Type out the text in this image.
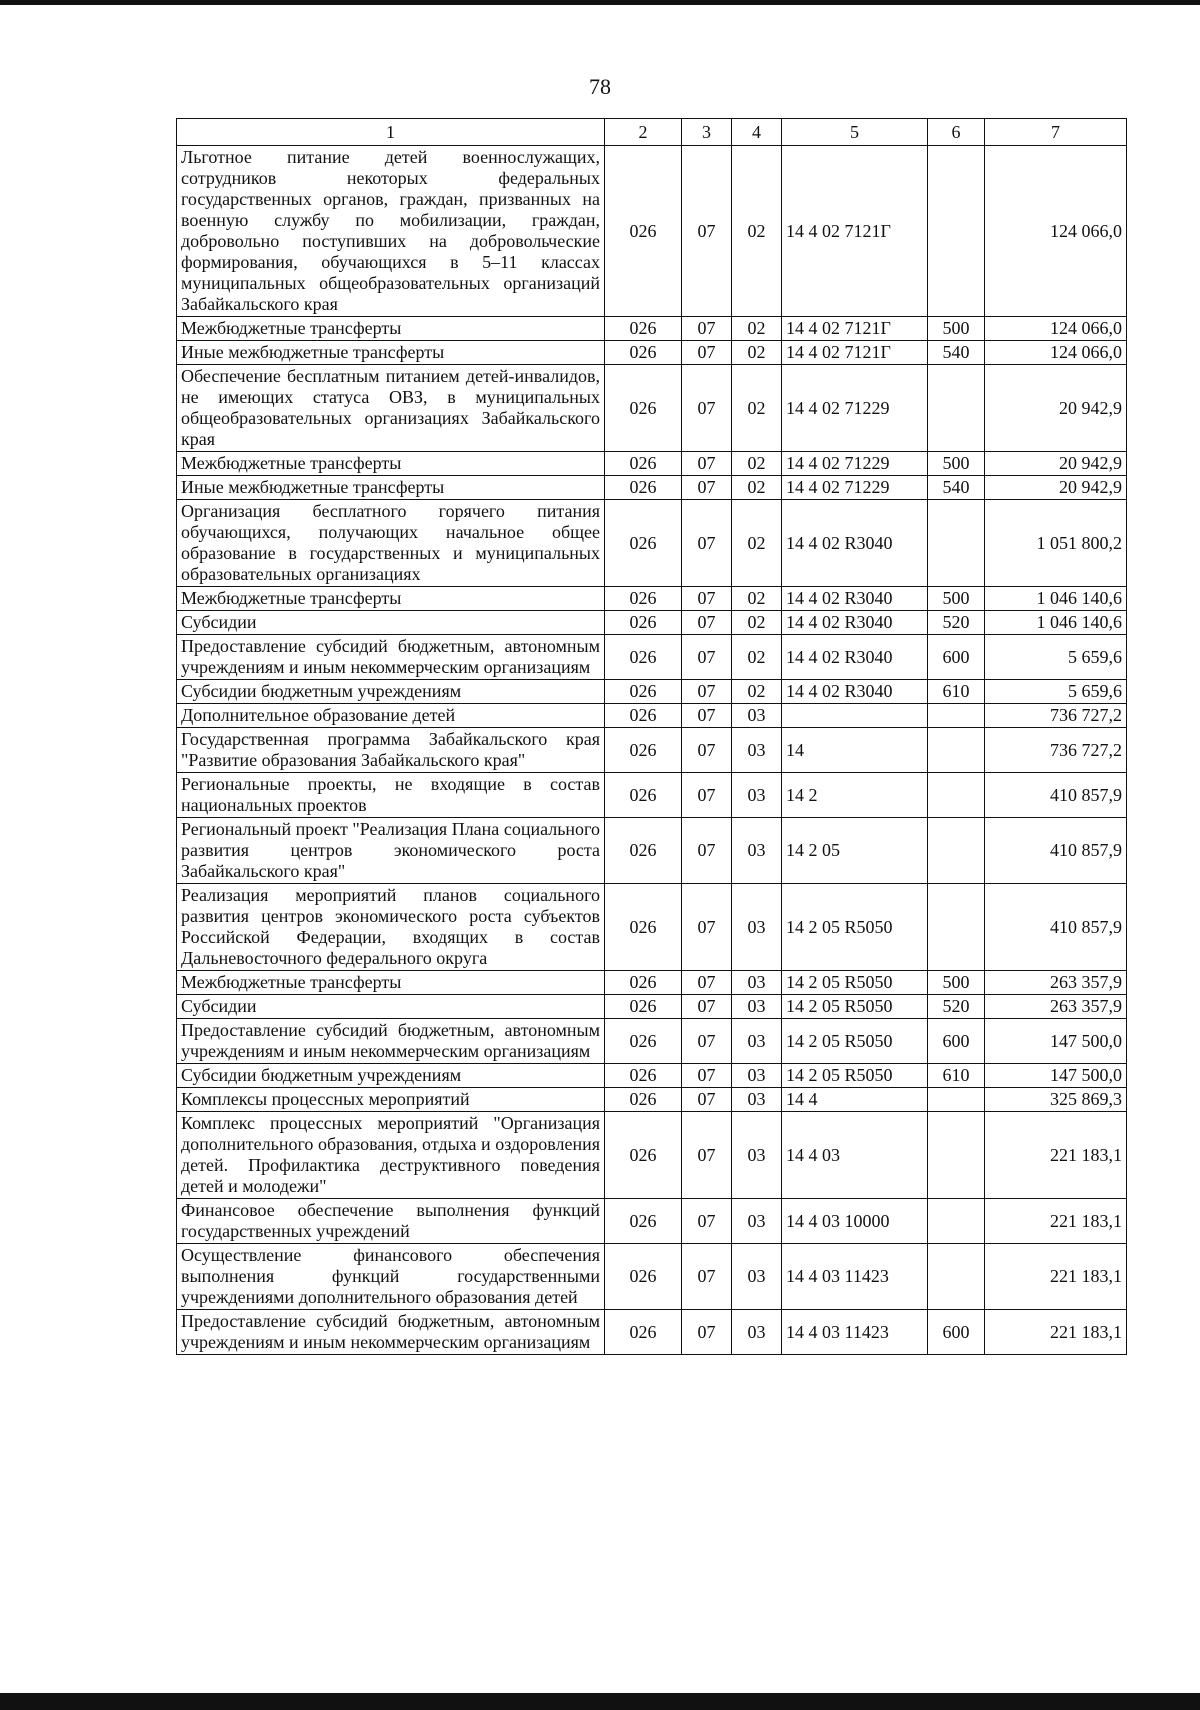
78
1	2	3	4	5	6	7
Льготное питание детей военнослужащих, сотрудников некоторых федеральных государственных органов, граждан, призванных на военную службу по мобилизации, граждан, добровольно поступивших на добровольческие формирования, обучающихся в 5–11 классах муниципальных общеобразовательных организаций Забайкальского края	026	07	02	14 4 02 7121Г		124 066,0
Межбюджетные трансферты	026	07	02	14 4 02 7121Г	500	124 066,0
Иные межбюджетные трансферты	026	07	02	14 4 02 7121Г	540	124 066,0
Обеспечение бесплатным питанием детей-инвалидов, не имеющих статуса ОВЗ, в муниципальных общеобразовательных организациях Забайкальского края	026	07	02	14 4 02 71229		20 942,9
Межбюджетные трансферты	026	07	02	14 4 02 71229	500	20 942,9
Иные межбюджетные трансферты	026	07	02	14 4 02 71229	540	20 942,9
Организация бесплатного горячего питания обучающихся, получающих начальное общее образование в государственных и муниципальных образовательных организациях	026	07	02	14 4 02 R3040		1 051 800,2
Межбюджетные трансферты	026	07	02	14 4 02 R3040	500	1 046 140,6
Субсидии	026	07	02	14 4 02 R3040	520	1 046 140,6
Предоставление субсидий бюджетным, автономным учреждениям и иным некоммерческим организациям	026	07	02	14 4 02 R3040	600	5 659,6
Субсидии бюджетным учреждениям	026	07	02	14 4 02 R3040	610	5 659,6
Дополнительное образование детей	026	07	03			736 727,2
Государственная программа Забайкальского края "Развитие образования Забайкальского края"	026	07	03	14		736 727,2
Региональные проекты, не входящие в состав национальных проектов	026	07	03	14 2		410 857,9
Региональный проект "Реализация Плана социального развития центров экономического роста Забайкальского края"	026	07	03	14 2 05		410 857,9
Реализация мероприятий планов социального развития центров экономического роста субъектов Российской Федерации, входящих в состав Дальневосточного федерального округа	026	07	03	14 2 05 R5050		410 857,9
Межбюджетные трансферты	026	07	03	14 2 05 R5050	500	263 357,9
Субсидии	026	07	03	14 2 05 R5050	520	263 357,9
Предоставление субсидий бюджетным, автономным учреждениям и иным некоммерческим организациям	026	07	03	14 2 05 R5050	600	147 500,0
Субсидии бюджетным учреждениям	026	07	03	14 2 05 R5050	610	147 500,0
Комплексы процессных мероприятий	026	07	03	14 4		325 869,3
Комплекс процессных мероприятий "Организация дополнительного образования, отдыха и оздоровления детей. Профилактика деструктивного поведения детей и молодежи"	026	07	03	14 4 03		221 183,1
Финансовое обеспечение выполнения функций государственных учреждений	026	07	03	14 4 03 10000		221 183,1
Осуществление финансового обеспечения выполнения функций государственными учреждениями дополнительного образования детей	026	07	03	14 4 03 11423		221 183,1
Предоставление субсидий бюджетным, автономным учреждениям и иным некоммерческим организациям	026	07	03	14 4 03 11423	600	221 183,1
